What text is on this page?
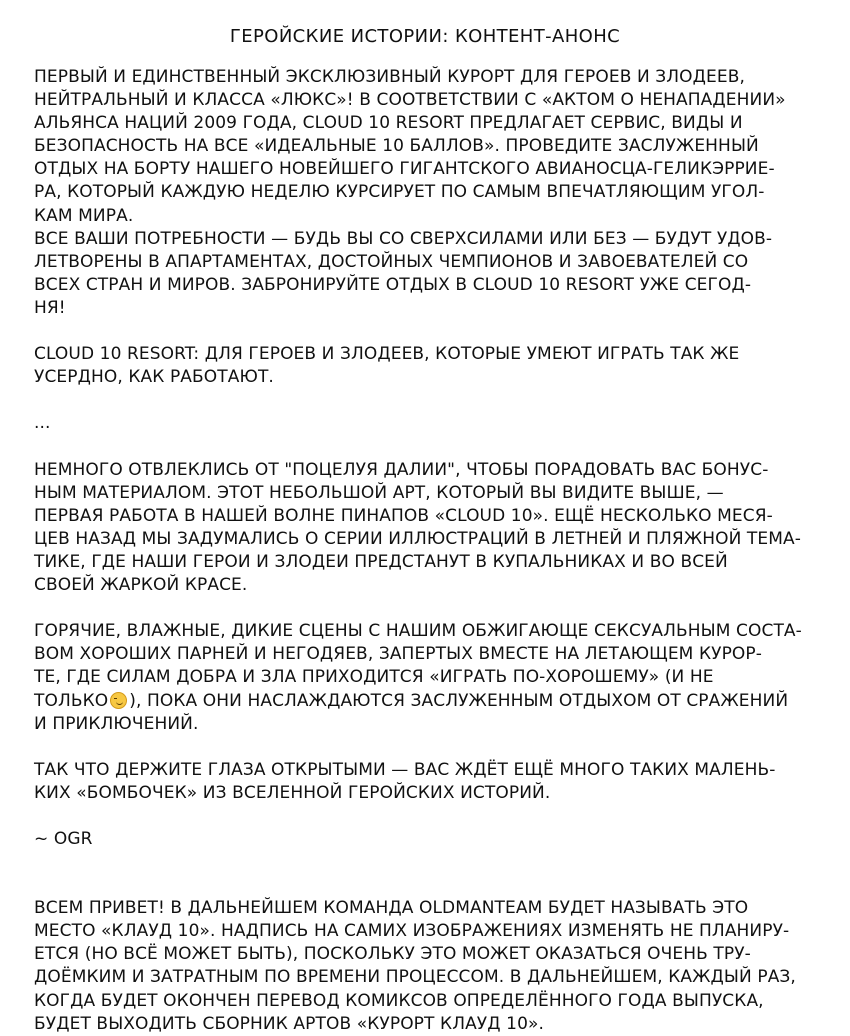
ГЕРОЙСКИЕ ИСТОРИИ: КОНТЕНТ-АНОНС
ПЕРВЫЙ И ЕДИНСТВЕННЫЙ ЭКСКЛЮЗИВНЫЙ КУРОРТ ДЛЯ ГЕРОЕВ И ЗЛОДЕЕВ,
НЕЙТРАЛЬНЫЙ И КЛАССА «ЛЮКС»! В СООТВЕТСТВИИ С «АКТОМ О НЕНАПАДЕНИИ»
АЛЬЯНСА НАЦИЙ 2009 ГОДА, CLOUD 10 RESORT ПРЕДЛАГАЕТ СЕРВИС, ВИДЫ И
БЕЗОПАСНОСТЬ НА ВСЕ «ИДЕАЛЬНЫЕ 10 БАЛЛОВ». ПРОВЕДИТЕ ЗАСЛУЖЕННЫЙ
ОТДЫХ НА БОРТУ НАШЕГО НОВЕЙШЕГО ГИГАНТСКОГО АВИАНОСЦА-ГЕЛИКЭРРИЕ-
РА, КОТОРЫЙ КАЖДУЮ НЕДЕЛЮ КУРСИРУЕТ ПО САМЫМ ВПЕЧАТЛЯЮЩИМ УГОЛ-
КАМ МИРА.
ВСЕ ВАШИ ПОТРЕБНОСТИ — БУДЬ ВЫ СО СВЕРХСИЛАМИ ИЛИ БЕЗ — БУДУТ УДОВ-
ЛЕТВОРЕНЫ В АПАРТАМЕНТАХ, ДОСТОЙНЫХ ЧЕМПИОНОВ И ЗАВОЕВАТЕЛЕЙ СО
ВСЕХ СТРАН И МИРОВ. ЗАБРОНИРУЙТЕ ОТДЫХ В CLOUD 10 RESORT УЖЕ СЕГОД-
НЯ!
CLOUD 10 RESORT: ДЛЯ ГЕРОЕВ И ЗЛОДЕЕВ, КОТОРЫЕ УМЕЮТ ИГРАТЬ ТАК ЖЕ
УСЕРДНО, КАК РАБОТАЮТ.
...
НЕМНОГО ОТВЛЕКЛИСЬ ОТ "ПОЦЕЛУЯ ДАЛИИ", ЧТОБЫ ПОРАДОВАТЬ ВАС БОНУС-
НЫМ МАТЕРИАЛОМ. ЭТОТ НЕБОЛЬШОЙ АРТ, КОТОРЫЙ ВЫ ВИДИТЕ ВЫШЕ, —
ПЕРВАЯ РАБОТА В НАШЕЙ ВОЛНЕ ПИНАПОВ «CLOUD 10». ЕЩЁ НЕСКОЛЬКО МЕСЯ-
ЦЕВ НАЗАД МЫ ЗАДУМАЛИСЬ О СЕРИИ ИЛЛЮСТРАЦИЙ В ЛЕТНЕЙ И ПЛЯЖНОЙ ТЕМА-
ТИКЕ, ГДЕ НАШИ ГЕРОИ И ЗЛОДЕИ ПРЕДСТАНУТ В КУПАЛЬНИКАХ И ВО ВСЕЙ
СВОЕЙ ЖАРКОЙ КРАСЕ.
ГОРЯЧИЕ, ВЛАЖНЫЕ, ДИКИЕ СЦЕНЫ С НАШИМ ОБЖИГАЮЩЕ СЕКСУАЛЬНЫМ СОСТА-
ВОМ ХОРОШИХ ПАРНЕЙ И НЕГОДЯЕВ, ЗАПЕРТЫХ ВМЕСТЕ НА ЛЕТАЮЩЕМ КУРОР-
ТЕ, ГДЕ СИЛАМ ДОБРА И ЗЛА ПРИХОДИТСЯ «ИГРАТЬ ПО-ХОРОШЕМУ» (И НЕ
ТОЛЬКО ), ПОКА ОНИ НАСЛАЖДАЮТСЯ ЗАСЛУЖЕННЫМ ОТДЫХОМ ОТ СРАЖЕНИЙ
И ПРИКЛЮЧЕНИЙ.
ТАК ЧТО ДЕРЖИТЕ ГЛАЗА ОТКРЫТЫМИ — ВАС ЖДЁТ ЕЩЁ МНОГО ТАКИХ МАЛЕНЬ-
КИХ «БОМБОЧЕК» ИЗ ВСЕЛЕННОЙ ГЕРОЙСКИХ ИСТОРИЙ.
~ OGR
ВСЕМ ПРИВЕТ! В ДАЛЬНЕЙШЕМ КОМАНДА OLDMANTEAM БУДЕТ НАЗЫВАТЬ ЭТО
МЕСТО «КЛАУД 10». НАДПИСЬ НА САМИХ ИЗОБРАЖЕНИЯХ ИЗМЕНЯТЬ НЕ ПЛАНИРУ-
ЕТСЯ (НО ВСЁ МОЖЕТ БЫТЬ), ПОСКОЛЬКУ ЭТО МОЖЕТ ОКАЗАТЬСЯ ОЧЕНЬ ТРУ-
ДОЁМКИМ И ЗАТРАТНЫМ ПО ВРЕМЕНИ ПРОЦЕССОМ. В ДАЛЬНЕЙШЕМ, КАЖДЫЙ РАЗ,
КОГДА БУДЕТ ОКОНЧЕН ПЕРЕВОД КОМИКСОВ ОПРЕДЕЛЁННОГО ГОДА ВЫПУСКА,
БУДЕТ ВЫХОДИТЬ СБОРНИК АРТОВ «КУРОРТ КЛАУД 10».
